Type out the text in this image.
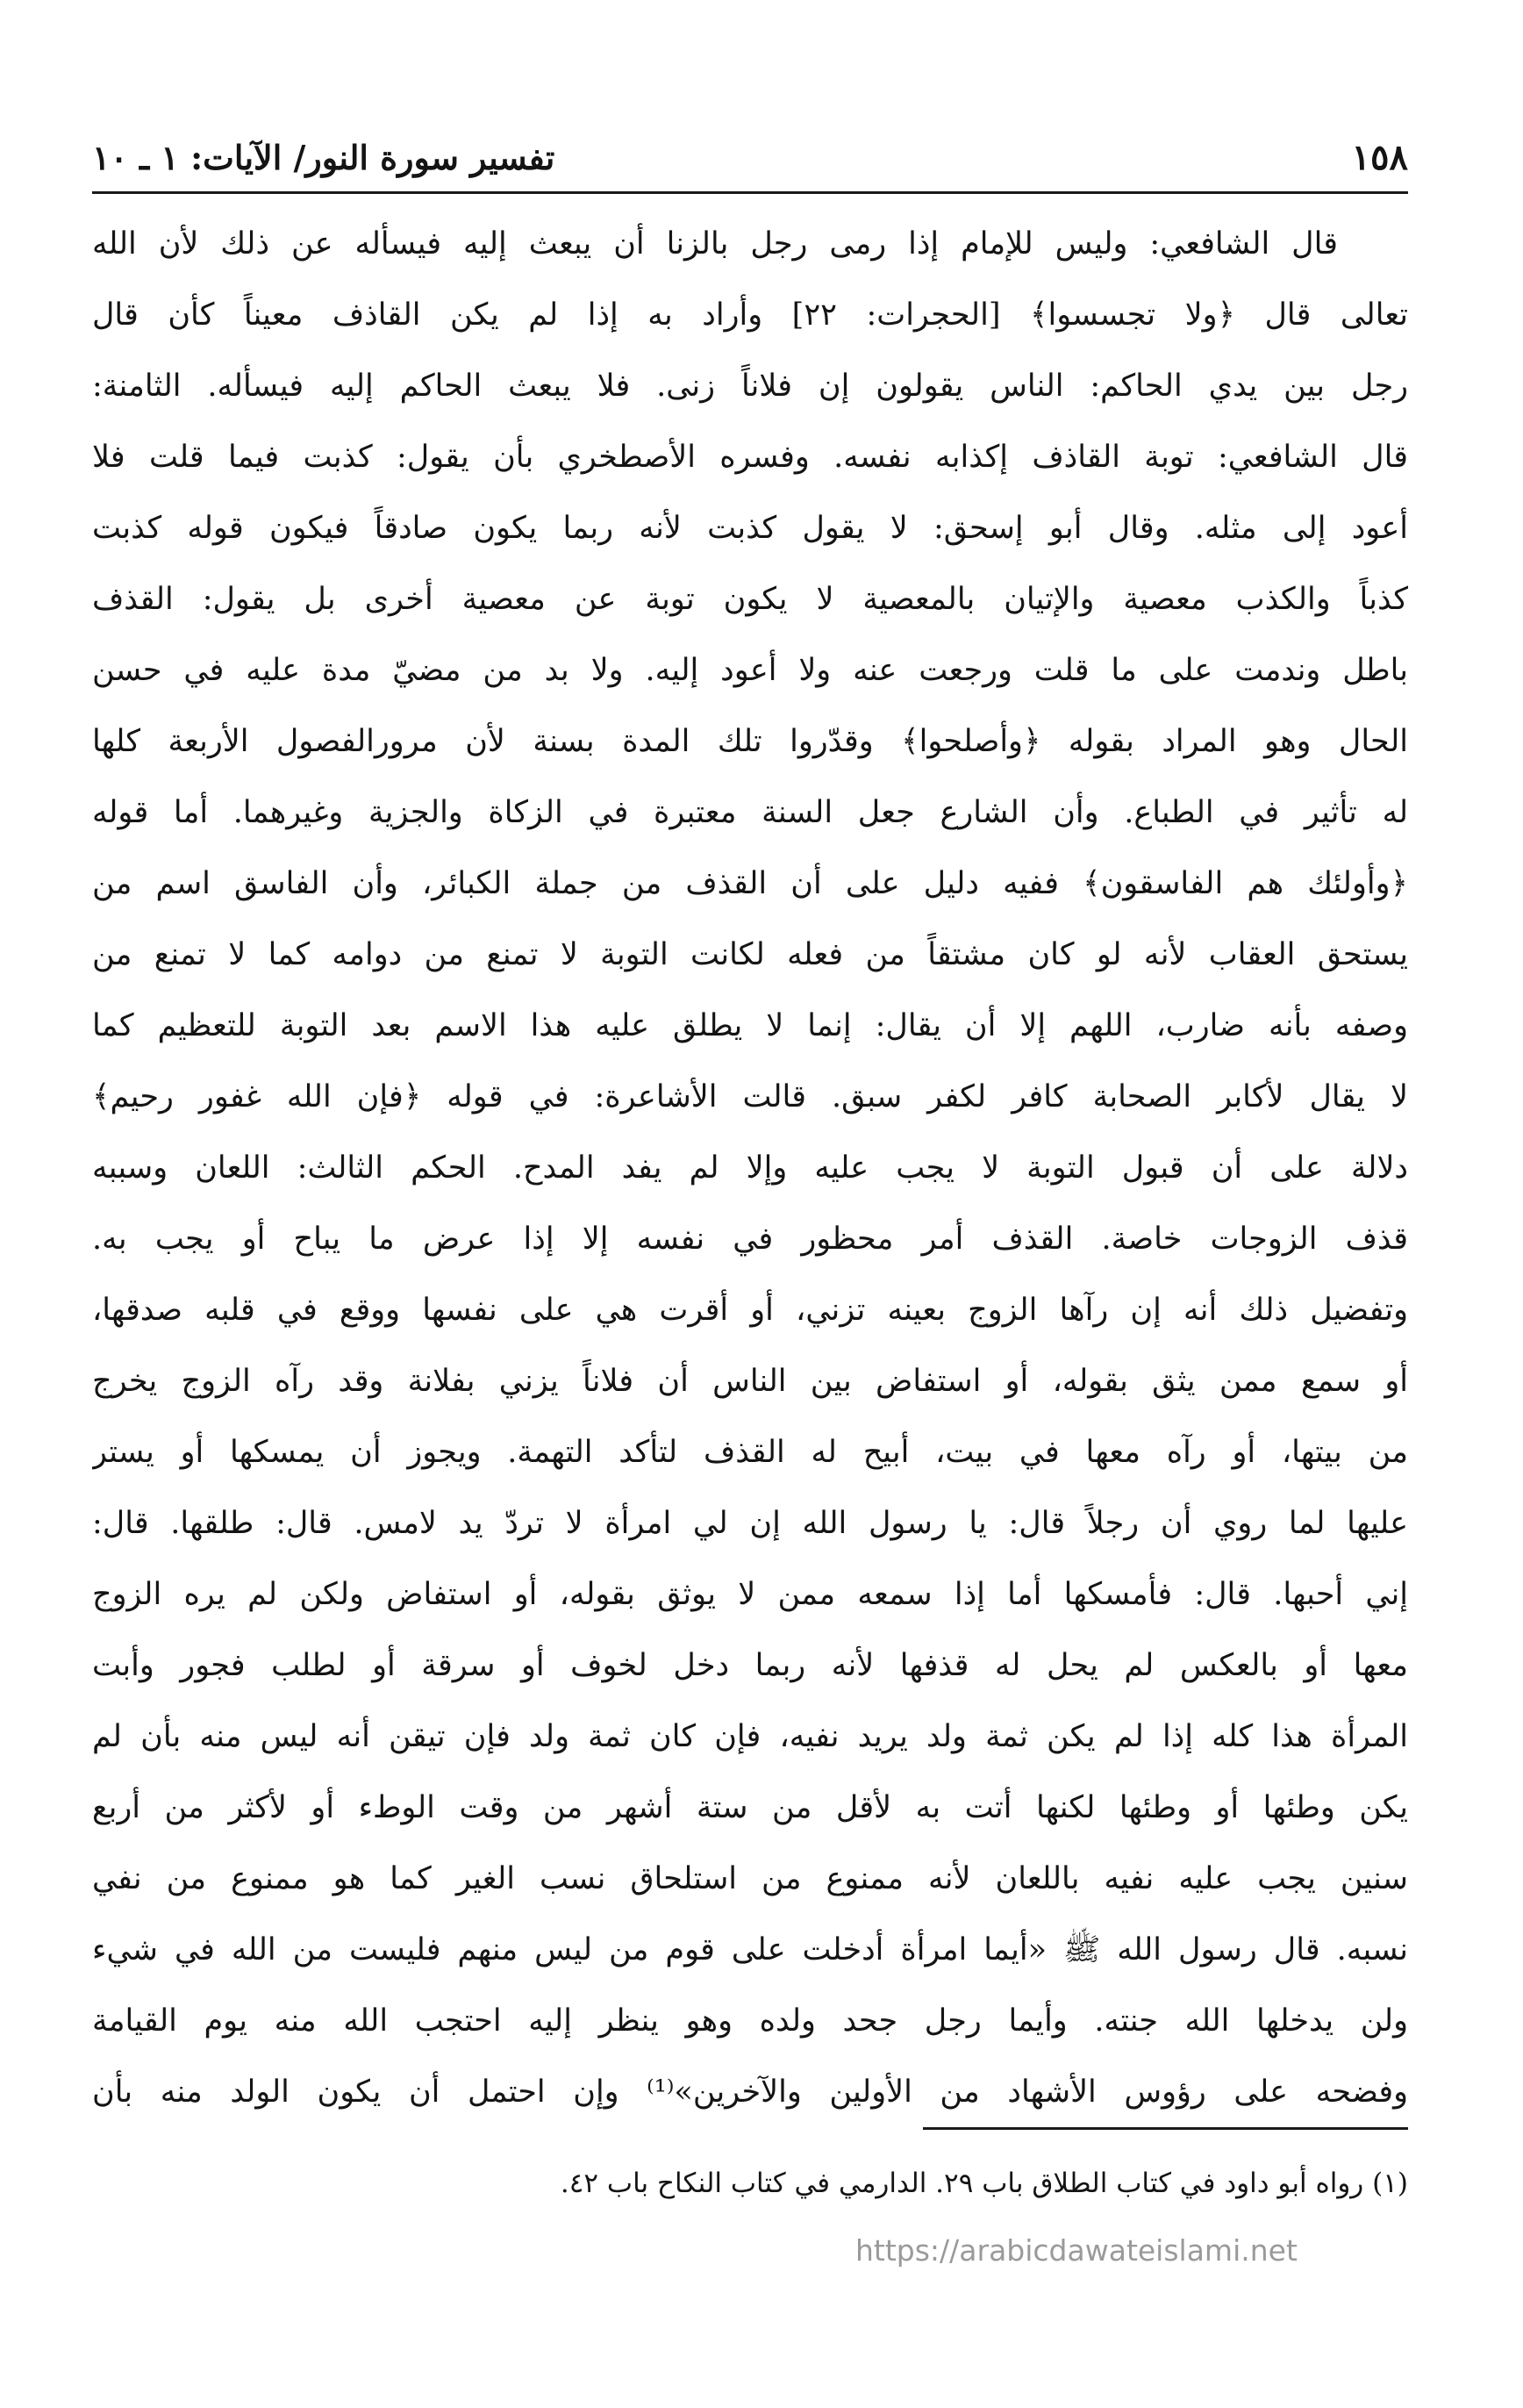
١٥٨
تفسير سورة النور/ الآيات: ١ ـ ١٠
قال الشافعي: وليس للإمام إذا رمى رجل بالزنا أن يبعث إليه فيسأله عن ذلك لأن الله
تعالى قال ﴿ولا تجسسوا﴾ [الحجرات: ٢٢] وأراد به إذا لم يكن القاذف معيناً كأن قال
رجل بين يدي الحاكم: الناس يقولون إن فلاناً زنى. فلا يبعث الحاكم إليه فيسأله. الثامنة:
قال الشافعي: توبة القاذف إكذابه نفسه. وفسره الأصطخري بأن يقول: كذبت فيما قلت فلا
أعود إلى مثله. وقال أبو إسحق: لا يقول كذبت لأنه ربما يكون صادقاً فيكون قوله كذبت
كذباً والكذب معصية والإتيان بالمعصية لا يكون توبة عن معصية أخرى بل يقول: القذف
باطل وندمت على ما قلت ورجعت عنه ولا أعود إليه. ولا بد من مضيّ مدة عليه في حسن
الحال وهو المراد بقوله ﴿وأصلحوا﴾ وقدّروا تلك المدة بسنة لأن مرورالفصول الأربعة كلها
له تأثير في الطباع. وأن الشارع جعل السنة معتبرة في الزكاة والجزية وغيرهما. أما قوله
﴿وأولئك هم الفاسقون﴾ ففيه دليل على أن القذف من جملة الكبائر، وأن الفاسق اسم من
يستحق العقاب لأنه لو كان مشتقاً من فعله لكانت التوبة لا تمنع من دوامه كما لا تمنع من
وصفه بأنه ضارب، اللهم إلا أن يقال: إنما لا يطلق عليه هذا الاسم بعد التوبة للتعظيم كما
لا يقال لأكابر الصحابة كافر لكفر سبق. قالت الأشاعرة: في قوله ﴿فإن الله غفور رحيم﴾
دلالة على أن قبول التوبة لا يجب عليه وإلا لم يفد المدح. الحكم الثالث: اللعان وسببه
قذف الزوجات خاصة. القذف أمر محظور في نفسه إلا إذا عرض ما يباح أو يجب به.
وتفضيل ذلك أنه إن رآها الزوج بعينه تزني، أو أقرت هي على نفسها ووقع في قلبه صدقها،
أو سمع ممن يثق بقوله، أو استفاض بين الناس أن فلاناً يزني بفلانة وقد رآه الزوج يخرج
من بيتها، أو رآه معها في بيت، أبيح له القذف لتأكد التهمة. ويجوز أن يمسكها أو يستر
عليها لما روي أن رجلاً قال: يا رسول الله إن لي امرأة لا تردّ يد لامس. قال: طلقها. قال:
إني أحبها. قال: فأمسكها أما إذا سمعه ممن لا يوثق بقوله، أو استفاض ولكن لم يره الزوج
معها أو بالعكس لم يحل له قذفها لأنه ربما دخل لخوف أو سرقة أو لطلب فجور وأبت
المرأة هذا كله إذا لم يكن ثمة ولد يريد نفيه، فإن كان ثمة ولد فإن تيقن أنه ليس منه بأن لم
يكن وطئها أو وطئها لكنها أتت به لأقل من ستة أشهر من وقت الوطء أو لأكثر من أربع
سنين يجب عليه نفيه باللعان لأنه ممنوع من استلحاق نسب الغير كما هو ممنوع من نفي
نسبه. قال رسول الله ﷺ «أيما امرأة أدخلت على قوم من ليس منهم فليست من الله في شيء
ولن يدخلها الله جنته. وأيما رجل جحد ولده وهو ينظر إليه احتجب الله منه يوم القيامة
وفضحه على رؤوس الأشهاد من الأولين والآخرين»⁽¹⁾ وإن احتمل أن يكون الولد منه بأن
(١) رواه أبو داود في كتاب الطلاق باب ٢٩. الدارمي في كتاب النكاح باب ٤٢.
https://arabicdawateislami.net
